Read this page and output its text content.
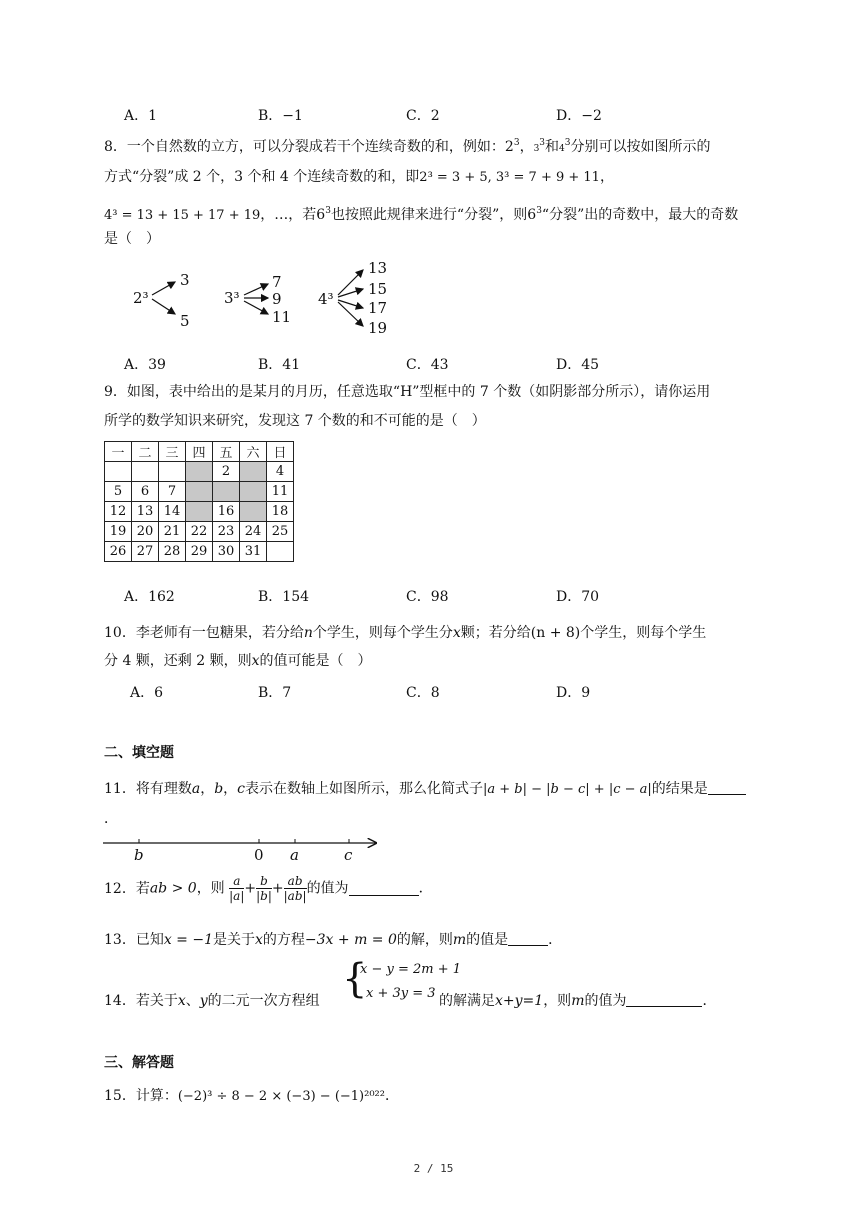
A．1	B．−1	C．2	D．−2
8．一个自然数的立方，可以分裂成若干个连续奇数的和，例如：$2^3$，$3^3$和$4^3$分别可以按如图所示的
方式“分裂”成 2 个，3 个和 4 个连续奇数的和，即2³ = 3 + 5, 3³ = 7 + 9 + 11，
4³ = 13 + 15 + 17 + 19，…，若$6^3$也按照此规律来进行“分裂”，则$6^3“$分裂”出的奇数中，最大的奇数
是（　）
2³
3
5
3³
7
9
11
4³
13
15
17
19
A．39	B．41	C．43	D．45
9．如图，表中给出的是某月的月历，任意选取“H”型框中的 7 个数（如阴影部分所示），请你运用
所学的数学知识来研究，发现这 7 个数的和不可能的是（　）
一	二	三	四	五	六	日
				2		4
5	6	7				11
12	13	14		16		18
19	20	21	22	23	24	25
26	27	28	29	30	31	
A．162	B．154	C．98	D．70
10．李老师有一包糖果，若分给n个学生，则每个学生分x颗；若分给(n + 8)个学生，则每个学生
分 4 颗，还剩 2 颗，则x的值可能是（　）
A．6	B．7	C．8	D．9
二、填空题
11．将有理数a，b，c表示在数轴上如图所示，那么化简式子|a + b| − |b − c| + |c − a|的结果是
．
b	0 a	c
12．若ab > 0，则 $\frac{a}{|a|} + \frac{b}{|b|} + \frac{ab}{|ab|}$ 的值为	．
13．已知x = −1是关于x的方程−3x + m = 0的解，则m的值是	．
14．若关于x、y的二元一次方程组 {
x − y = 2m + 1
x + 3y = 3 的解满足x+y=1，则m的值为	．
三、解答题
15．计算：(−2)³ ÷ 8 − 2 × (−3) − (−1)²⁰²²．
2 / 15
